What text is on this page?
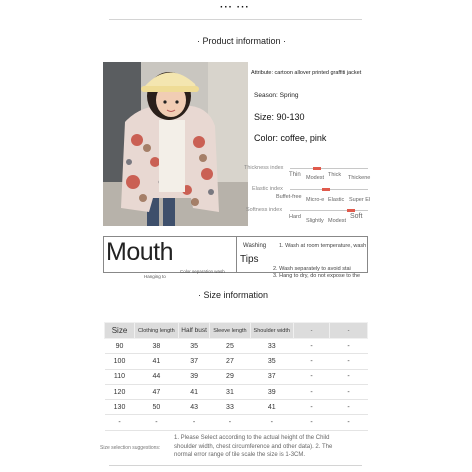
··· ···
· Product information ·
Attribute: cartoon allover printed graffiti jacket
Season: Spring
Size: 90-130
Color: coffee, pink
Thickness index
Thin Modest Thick Thickene
Elastic index
Buffet-free Micro-e Elastic Super El
Softness index
Hard
Slightly Modest
Soft
Mouth
Hanging to
Color separation wash
Washing
Tips
1. Wash at room temperature, wash
2. Wash separately to avoid stai
3. Hang to dry, do not expose to the
· Size information
Size	Clothing length	Half bust	Sleeve length	Shoulder width	-	-
90	38	35	25	33	-	-
100	41	37	27	35	-	-
110	44	39	29	37	-	-
120	47	41	31	39	-	-
130	50	43	33	41	-	-
-	-	-	-	-	-	-
Size selection suggestions:
1. Please Select according to the actual height of the Child
shoulder width, chest circumference and other data). 2. The
normal error range of tile scale the size is 1-3CM.
